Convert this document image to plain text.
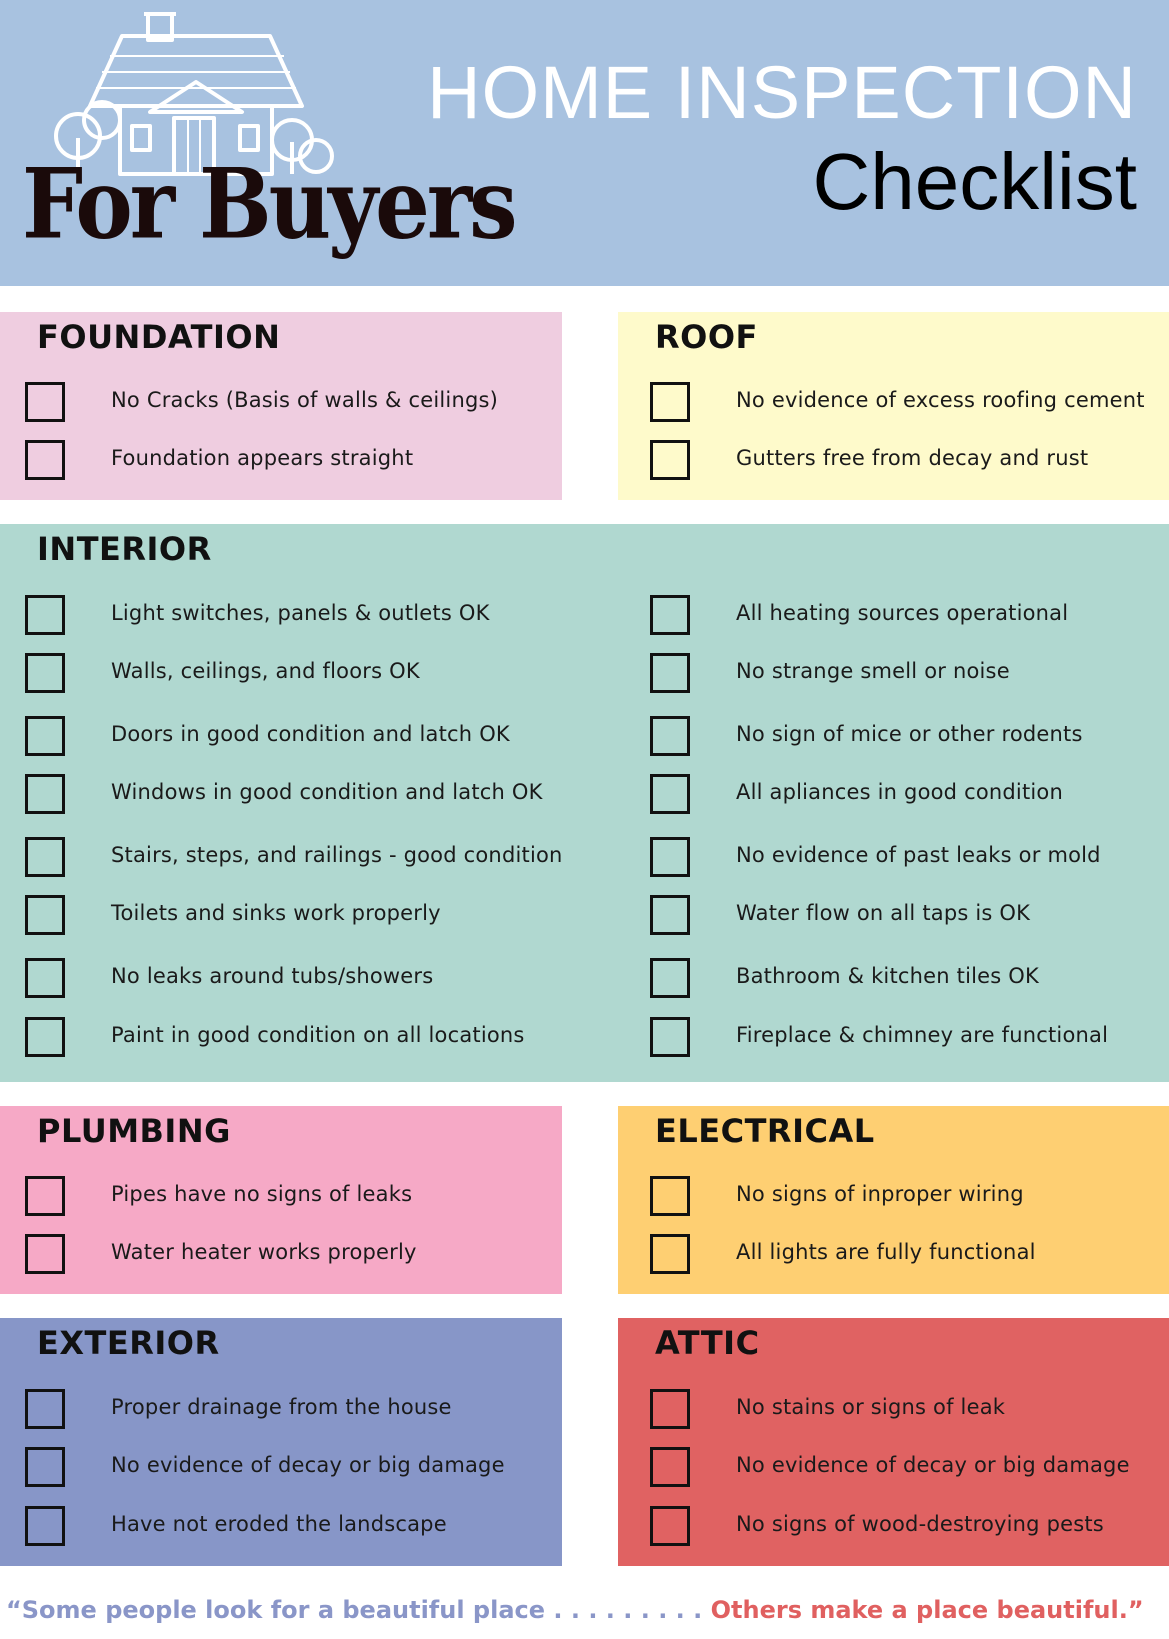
For Buyers
HOME INSPECTION
Checklist
FOUNDATION
No Cracks (Basis of walls & ceilings)
Foundation appears straight
ROOF
No evidence of excess roofing cement
Gutters free from decay and rust
INTERIOR
Light switches, panels & outlets OK
Walls, ceilings, and floors OK
Doors in good condition and latch OK
Windows in good condition and latch OK
Stairs, steps, and railings - good condition
Toilets and sinks work properly
No leaks around tubs/showers
Paint in good condition on all locations
All heating sources operational
No strange smell or noise
No sign of mice or other rodents
All apliances in good condition
No evidence of past leaks or mold
Water flow on all taps is OK
Bathroom & kitchen tiles OK
Fireplace & chimney are functional
PLUMBING
Pipes have no signs of leaks
Water heater works properly
ELECTRICAL
No signs of inproper wiring
All lights are fully functional
EXTERIOR
Proper drainage from the house
No evidence of decay or big damage
Have not eroded the landscape
ATTIC
No stains or signs of leak
No evidence of decay or big damage
No signs of wood-destroying pests
“Some people look for a beautiful place . . . . . . . . . Others make a place beautiful.”
